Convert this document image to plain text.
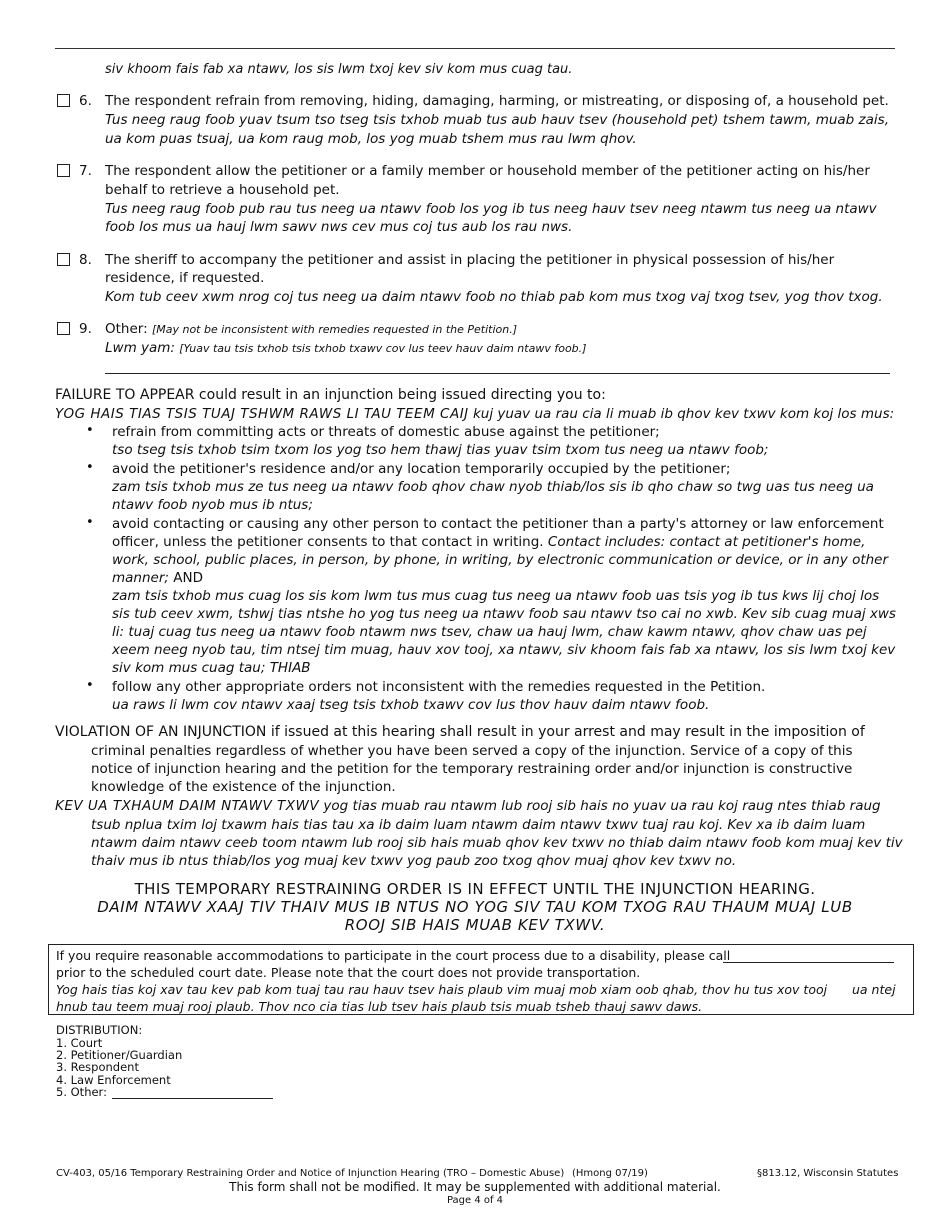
siv khoom fais fab xa ntawv, los sis lwm txoj kev siv kom mus cuag tau.
6. The respondent refrain from removing, hiding, damaging, harming, or mistreating, or disposing of, a household pet.
Tus neeg raug foob yuav tsum tso tseg tsis txhob muab tus aub hauv tsev (household pet) tshem tawm, muab zais,
ua kom puas tsuaj, ua kom raug mob, los yog muab tshem mus rau lwm qhov.
7. The respondent allow the petitioner or a family member or household member of the petitioner acting on his/her
behalf to retrieve a household pet.
Tus neeg raug foob pub rau tus neeg ua ntawv foob los yog ib tus neeg hauv tsev neeg ntawm tus neeg ua ntawv
foob los mus ua hauj lwm sawv nws cev mus coj tus aub los rau nws.
8. The sheriff to accompany the petitioner and assist in placing the petitioner in physical possession of his/her
residence, if requested.
Kom tub ceev xwm nrog coj tus neeg ua daim ntawv foob no thiab pab kom mus txog vaj txog tsev, yog thov txog.
9. Other: [May not be inconsistent with remedies requested in the Petition.]
Lwm yam: [Yuav tau tsis txhob tsis txhob txawv cov lus teev hauv daim ntawv foob.]
FAILURE TO APPEAR could result in an injunction being issued directing you to:
YOG HAIS TIAS TSIS TUAJ TSHWM RAWS LI TAU TEEM CAIJ kuj yuav ua rau cia li muab ib qhov kev txwv kom koj los mus:
• refrain from committing acts or threats of domestic abuse against the petitioner;
tso tseg tsis txhob tsim txom los yog tso hem thawj tias yuav tsim txom tus neeg ua ntawv foob;
• avoid the petitioner's residence and/or any location temporarily occupied by the petitioner;
zam tsis txhob mus ze tus neeg ua ntawv foob qhov chaw nyob thiab/los sis ib qho chaw so twg uas tus neeg ua
ntawv foob nyob mus ib ntus;
• avoid contacting or causing any other person to contact the petitioner than a party's attorney or law enforcement
officer, unless the petitioner consents to that contact in writing. Contact includes: contact at petitioner's home,
work, school, public places, in person, by phone, in writing, by electronic communication or device, or in any other
manner; AND
zam tsis txhob mus cuag los sis kom lwm tus mus cuag tus neeg ua ntawv foob uas tsis yog ib tus kws lij choj los
sis tub ceev xwm, tshwj tias ntshe ho yog tus neeg ua ntawv foob sau ntawv tso cai no xwb. Kev sib cuag muaj xws
li: tuaj cuag tus neeg ua ntawv foob ntawm nws tsev, chaw ua hauj lwm, chaw kawm ntawv, qhov chaw uas pej
xeem neeg nyob tau, tim ntsej tim muag, hauv xov tooj, xa ntawv, siv khoom fais fab xa ntawv, los sis lwm txoj kev
siv kom mus cuag tau; THIAB
• follow any other appropriate orders not inconsistent with the remedies requested in the Petition.
ua raws li lwm cov ntawv xaaj tseg tsis txhob txawv cov lus thov hauv daim ntawv foob.
VIOLATION OF AN INJUNCTION if issued at this hearing shall result in your arrest and may result in the imposition of
criminal penalties regardless of whether you have been served a copy of the injunction. Service of a copy of this
notice of injunction hearing and the petition for the temporary restraining order and/or injunction is constructive
knowledge of the existence of the injunction.
KEV UA TXHAUM DAIM NTAWV TXWV yog tias muab rau ntawm lub rooj sib hais no yuav ua rau koj raug ntes thiab raug
tsub nplua txim loj txawm hais tias tau xa ib daim luam ntawm daim ntawv txwv tuaj rau koj. Kev xa ib daim luam
ntawm daim ntawv ceeb toom ntawm lub rooj sib hais muab qhov kev txwv no thiab daim ntawv foob kom muaj kev tiv
thaiv mus ib ntus thiab/los yog muaj kev txwv yog paub zoo txog qhov muaj qhov kev txwv no.
THIS TEMPORARY RESTRAINING ORDER IS IN EFFECT UNTIL THE INJUNCTION HEARING.
DAIM NTAWV XAAJ TIV THAIV MUS IB NTUS NO YOG SIV TAU KOM TXOG RAU THAUM MUAJ LUB
ROOJ SIB HAIS MUAB KEV TXWV.
If you require reasonable accommodations to participate in the court process due to a disability, please call
prior to the scheduled court date. Please note that the court does not provide transportation.
Yog hais tias koj xav tau kev pab kom tuaj tau rau hauv tsev hais plaub vim muaj mob xiam oob qhab, thov hu tus xov tooj ua ntej
hnub tau teem muaj rooj plaub. Thov nco cia tias lub tsev hais plaub tsis muab tsheb thauj sawv daws.
DISTRIBUTION:
1. Court
2. Petitioner/Guardian
3. Respondent
4. Law Enforcement
5. Other:
CV-403, 05/16 Temporary Restraining Order and Notice of Injunction Hearing (TRO – Domestic Abuse) (Hmong 07/19)	§813.12, Wisconsin Statutes
This form shall not be modified. It may be supplemented with additional material.
Page 4 of 4
